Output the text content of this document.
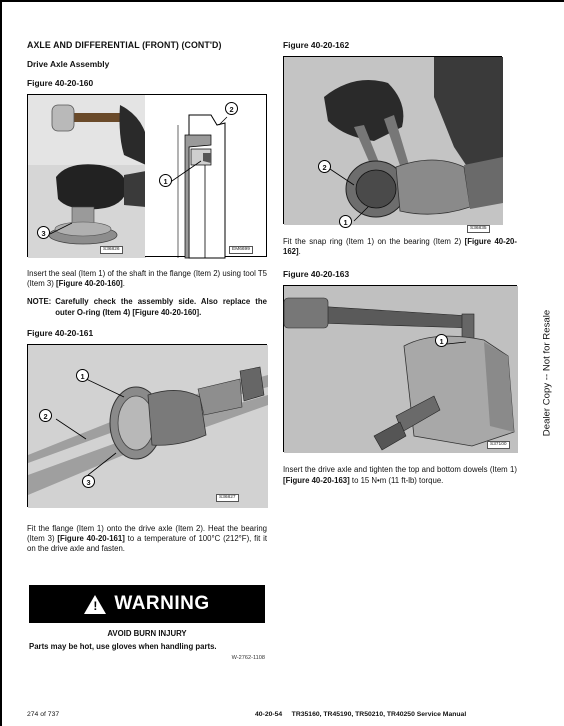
AXLE AND DIFFERENTIAL (FRONT) (CONT'D)
Drive Axle Assembly
Figure 40-20-160
3
S36826
1
2
EM6699

Insert the seal (Item 1) of the shaft in the flange (Item 2) using tool T5 (Item 3) [Figure 40-20-160].

NOTE: Carefully check the assembly side. Also replace the outer O-ring (Item 4) [Figure 40-20-160].
Figure 40-20-161
1
2
3
S36827

Fit the flange (Item 1) onto the drive axle (Item 2). Heat the bearing (Item 3) [Figure 40-20-161] to a temperature of 100°C (212°F), fit it on the drive axle and fasten.

! WARNING
AVOID BURN INJURY
Parts may be hot, use gloves when handling parts.
W-2762-1108
Figure 40-20-162
2
1
S36835

Fit the snap ring (Item 1) on the bearing (Item 2) [Figure 40-20-162].

Figure 40-20-163
1
S37100

Insert the drive axle and tighten the top and bottom dowels (Item 1) [Figure 40-20-163] to 15 N•m (11 ft-lb) torque.

274 of 737	40-20-54 TR35160, TR45190, TR50210, TR40250 Service Manual
Dealer Copy -- Not for Resale
